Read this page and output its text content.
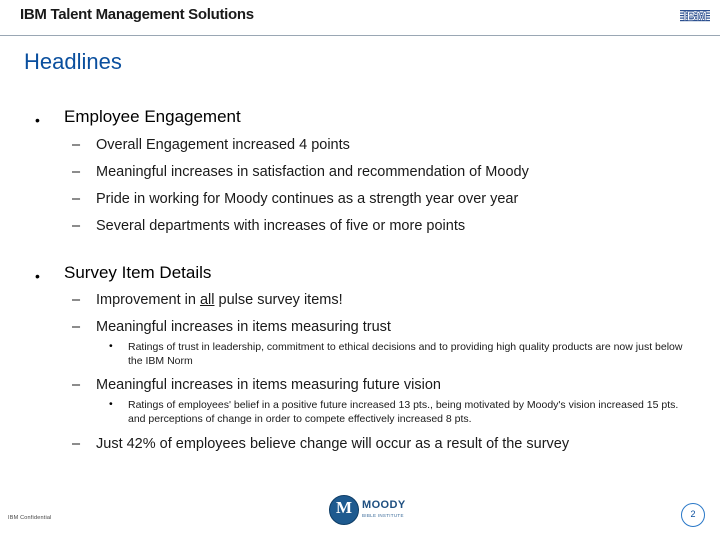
IBM Talent Management Solutions	IBM
Headlines
• Employee Engagement
– Overall Engagement increased 4 points
– Meaningful increases in satisfaction and recommendation of Moody
– Pride in working for Moody continues as a strength year over year
– Several departments with increases of five or more points
• Survey Item Details
– Improvement in all pulse survey items!
– Meaningful increases in items measuring trust
• Ratings of trust in leadership, commitment to ethical decisions and to providing high quality products are now just below the IBM Norm
– Meaningful increases in items measuring future vision
• Ratings of employees' belief in a positive future increased 13 pts., being motivated by Moody's vision increased 15 pts. and perceptions of change in order to compete effectively increased 8 pts.
– Just 42% of employees believe change will occur as a result of the survey
IBM Confidential
M MOODY
BIBLE INSTITUTE	2
